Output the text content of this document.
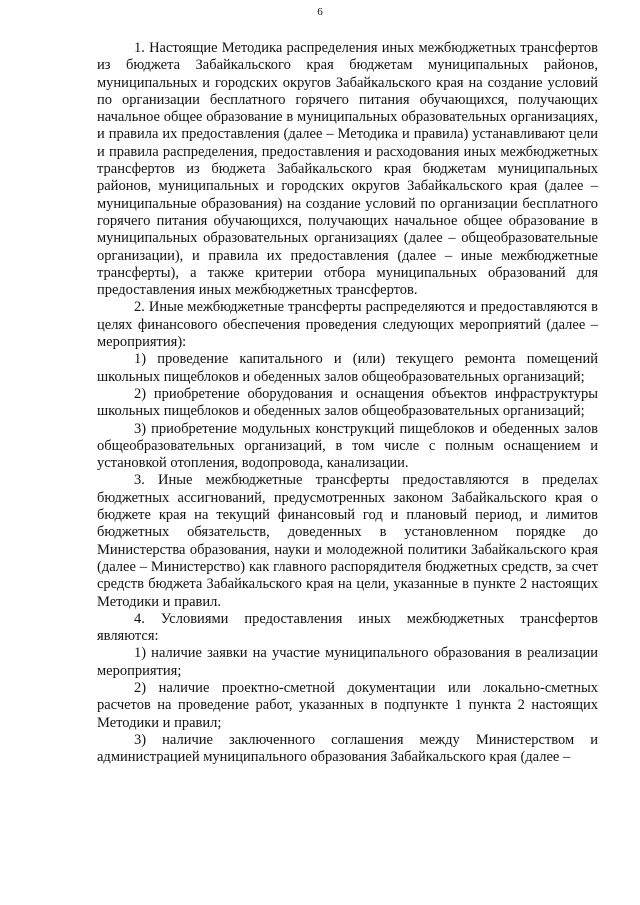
6

1. Настоящие Методика распределения иных межбюджетных трансфертов из бюджета Забайкальского края бюджетам муниципальных районов, муниципальных и городских округов Забайкальского края на создание условий по организации бесплатного горячего питания обучающихся, получающих начальное общее образование в муниципальных образовательных организациях, и правила их предоставления (далее – Методика и правила) устанавливают цели и правила распределения, предоставления и расходования иных межбюджетных трансфертов из бюджета Забайкальского края бюджетам муниципальных районов, муниципальных и городских округов Забайкальского края (далее – муниципальные образования) на создание условий по организации бесплатного горячего питания обучающихся, получающих начальное общее образование в муниципальных образовательных организациях (далее – общеобразовательные организации), и правила их предоставления (далее – иные межбюджетные трансферты), а также критерии отбора муниципальных образований для предоставления иных межбюджетных трансфертов.

2. Иные межбюджетные трансферты распределяются и предоставляются в целях финансового обеспечения проведения следующих мероприятий (далее – мероприятия):

1) проведение капитального и (или) текущего ремонта помещений школьных пищеблоков и обеденных залов общеобразовательных организаций;

2) приобретение оборудования и оснащения объектов инфраструктуры школьных пищеблоков и обеденных залов общеобразовательных организаций;

3) приобретение модульных конструкций пищеблоков и обеденных залов общеобразовательных организаций, в том числе с полным оснащением и установкой отопления, водопровода, канализации.

3. Иные межбюджетные трансферты предоставляются в пределах бюджетных ассигнований, предусмотренных законом Забайкальского края о бюджете края на текущий финансовый год и плановый период, и лимитов бюджетных обязательств, доведенных в установленном порядке до Министерства образования, науки и молодежной политики Забайкальского края (далее – Министерство) как главного распорядителя бюджетных средств, за счет средств бюджета Забайкальского края на цели, указанные в пункте 2 настоящих Методики и правил.

4. Условиями предоставления иных межбюджетных трансфертов являются:

1) наличие заявки на участие муниципального образования в реализации мероприятия;

2) наличие проектно-сметной документации или локально-сметных расчетов на проведение работ, указанных в подпункте 1 пункта 2 настоящих Методики и правил;

3) наличие заключенного соглашения между Министерством и администрацией муниципального образования Забайкальского края (далее –
